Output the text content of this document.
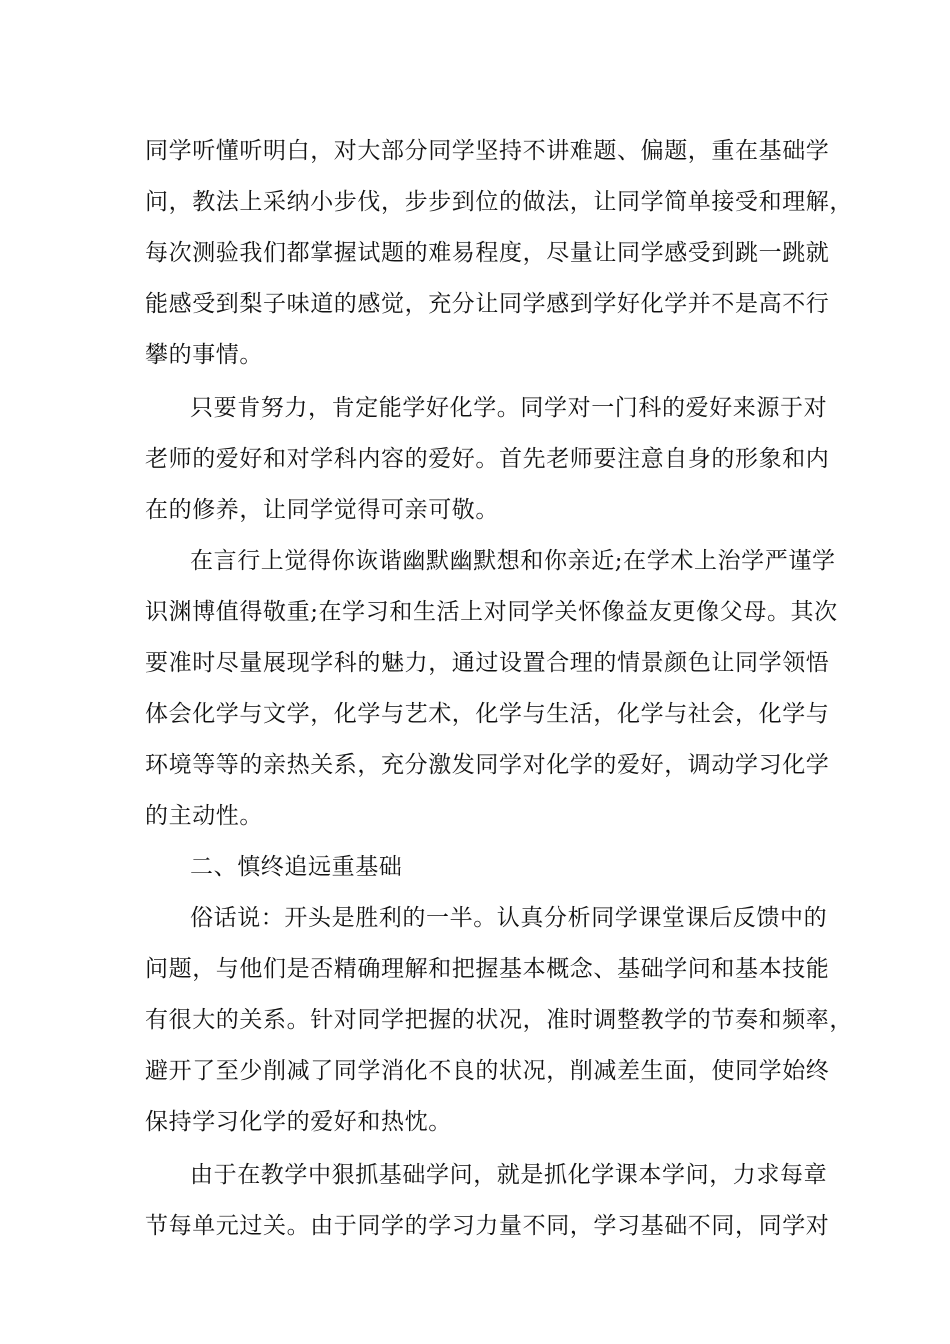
同学听懂听明白，对大部分同学坚持不讲难题、偏题，重在基础学
问，教法上采纳小步伐，步步到位的做法，让同学简单接受和理解，
每次测验我们都掌握试题的难易程度，尽量让同学感受到跳一跳就
能感受到梨子味道的感觉，充分让同学感到学好化学并不是高不行
攀的事情。
只要肯努力，肯定能学好化学。同学对一门科的爱好来源于对
老师的爱好和对学科内容的爱好。首先老师要注意自身的形象和内
在的修养，让同学觉得可亲可敬。
在言行上觉得你诙谐幽默幽默想和你亲近;在学术上治学严谨学
识渊博值得敬重;在学习和生活上对同学关怀像益友更像父母。其次
要准时尽量展现学科的魅力，通过设置合理的情景颜色让同学领悟
体会化学与文学，化学与艺术，化学与生活，化学与社会，化学与
环境等等的亲热关系，充分激发同学对化学的爱好，调动学习化学
的主动性。
二、慎终追远重基础
俗话说：开头是胜利的一半。认真分析同学课堂课后反馈中的
问题，与他们是否精确理解和把握基本概念、基础学问和基本技能
有很大的关系。针对同学把握的状况，准时调整教学的节奏和频率，
避开了至少削减了同学消化不良的状况，削减差生面，使同学始终
保持学习化学的爱好和热忱。
由于在教学中狠抓基础学问，就是抓化学课本学问，力求每章
节每单元过关。由于同学的学习力量不同，学习基础不同，同学对
